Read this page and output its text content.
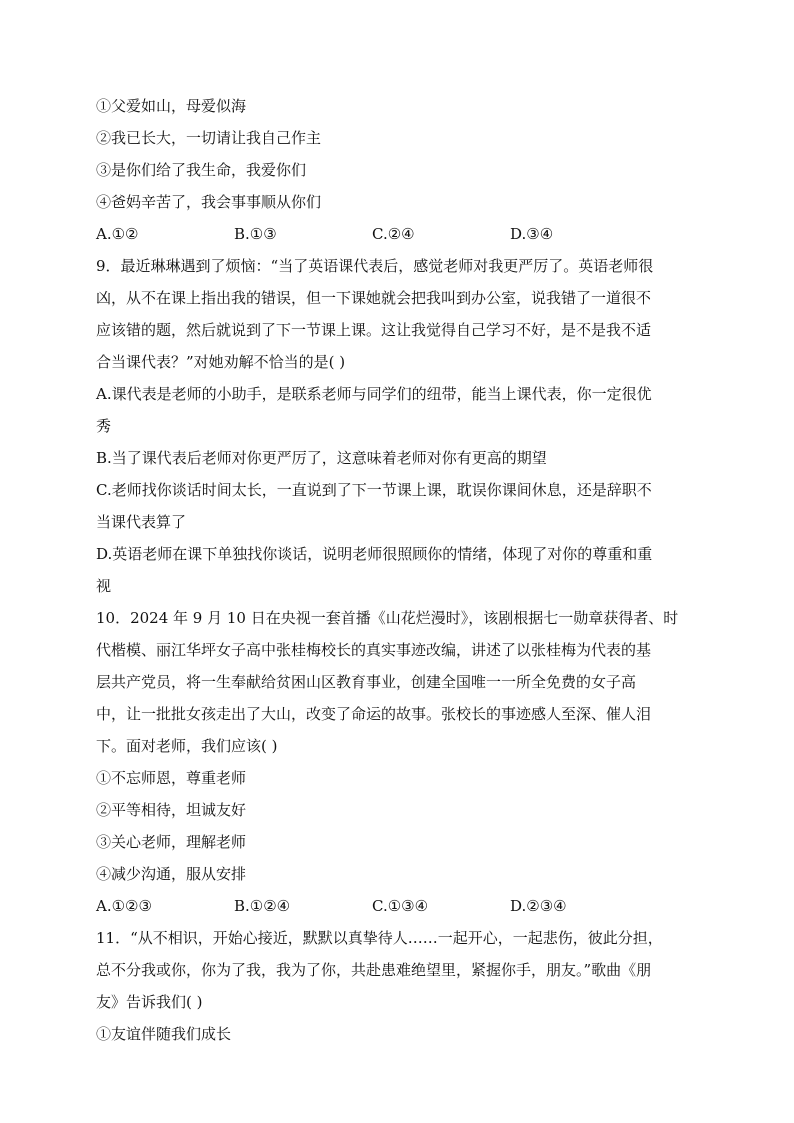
①父爱如山，母爱似海
②我已长大，一切请让我自己作主
③是你们给了我生命，我爱你们
④爸妈辛苦了，我会事事顺从你们
A.①②	B.①③	C.②④	D.③④
9．最近琳琳遇到了烦恼：“当了英语课代表后，感觉老师对我更严厉了。英语老师很
凶，从不在课上指出我的错误，但一下课她就会把我叫到办公室，说我错了一道很不
应该错的题，然后就说到了下一节课上课。这让我觉得自己学习不好，是不是我不适
合当课代表？”对她劝解不恰当的是( )
A.课代表是老师的小助手，是联系老师与同学们的纽带，能当上课代表，你一定很优
秀
B.当了课代表后老师对你更严厉了，这意味着老师对你有更高的期望
C.老师找你谈话时间太长，一直说到了下一节课上课，耽误你课间休息，还是辞职不
当课代表算了
D.英语老师在课下单独找你谈话，说明老师很照顾你的情绪，体现了对你的尊重和重
视
10．2024 年 9 月 10 日在央视一套首播《山花烂漫时》，该剧根据七一勋章获得者、时
代楷模、丽江华坪女子高中张桂梅校长的真实事迹改编，讲述了以张桂梅为代表的基
层共产党员，将一生奉献给贫困山区教育事业，创建全国唯一一所全免费的女子高
中，让一批批女孩走出了大山，改变了命运的故事。张校长的事迹感人至深、催人泪
下。面对老师，我们应该( )
①不忘师恩，尊重老师
②平等相待，坦诚友好
③关心老师，理解老师
④减少沟通，服从安排
A.①②③	B.①②④	C.①③④	D.②③④
11．“从不相识，开始心接近，默默以真挚待人……一起开心，一起悲伤，彼此分担，
总不分我或你，你为了我，我为了你，共赴患难绝望里，紧握你手，朋友。”歌曲《朋
友》告诉我们( )
①友谊伴随我们成长
